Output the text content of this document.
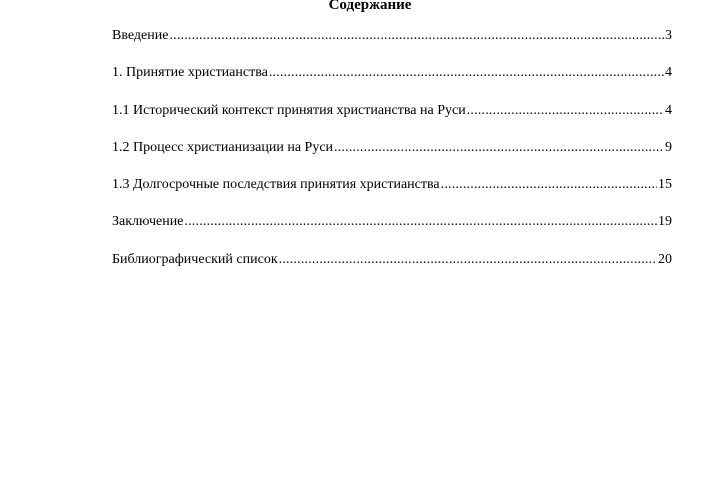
Содержание
Введение .....	3
1. Принятие христианства .....	4
1.1 Исторический контекст принятия христианства на Руси .....	4
1.2 Процесс христианизации на Руси .....	9
1.3 Долгосрочные последствия принятия христианства .....	15
Заключение .....	19
Библиографический список .....	20
